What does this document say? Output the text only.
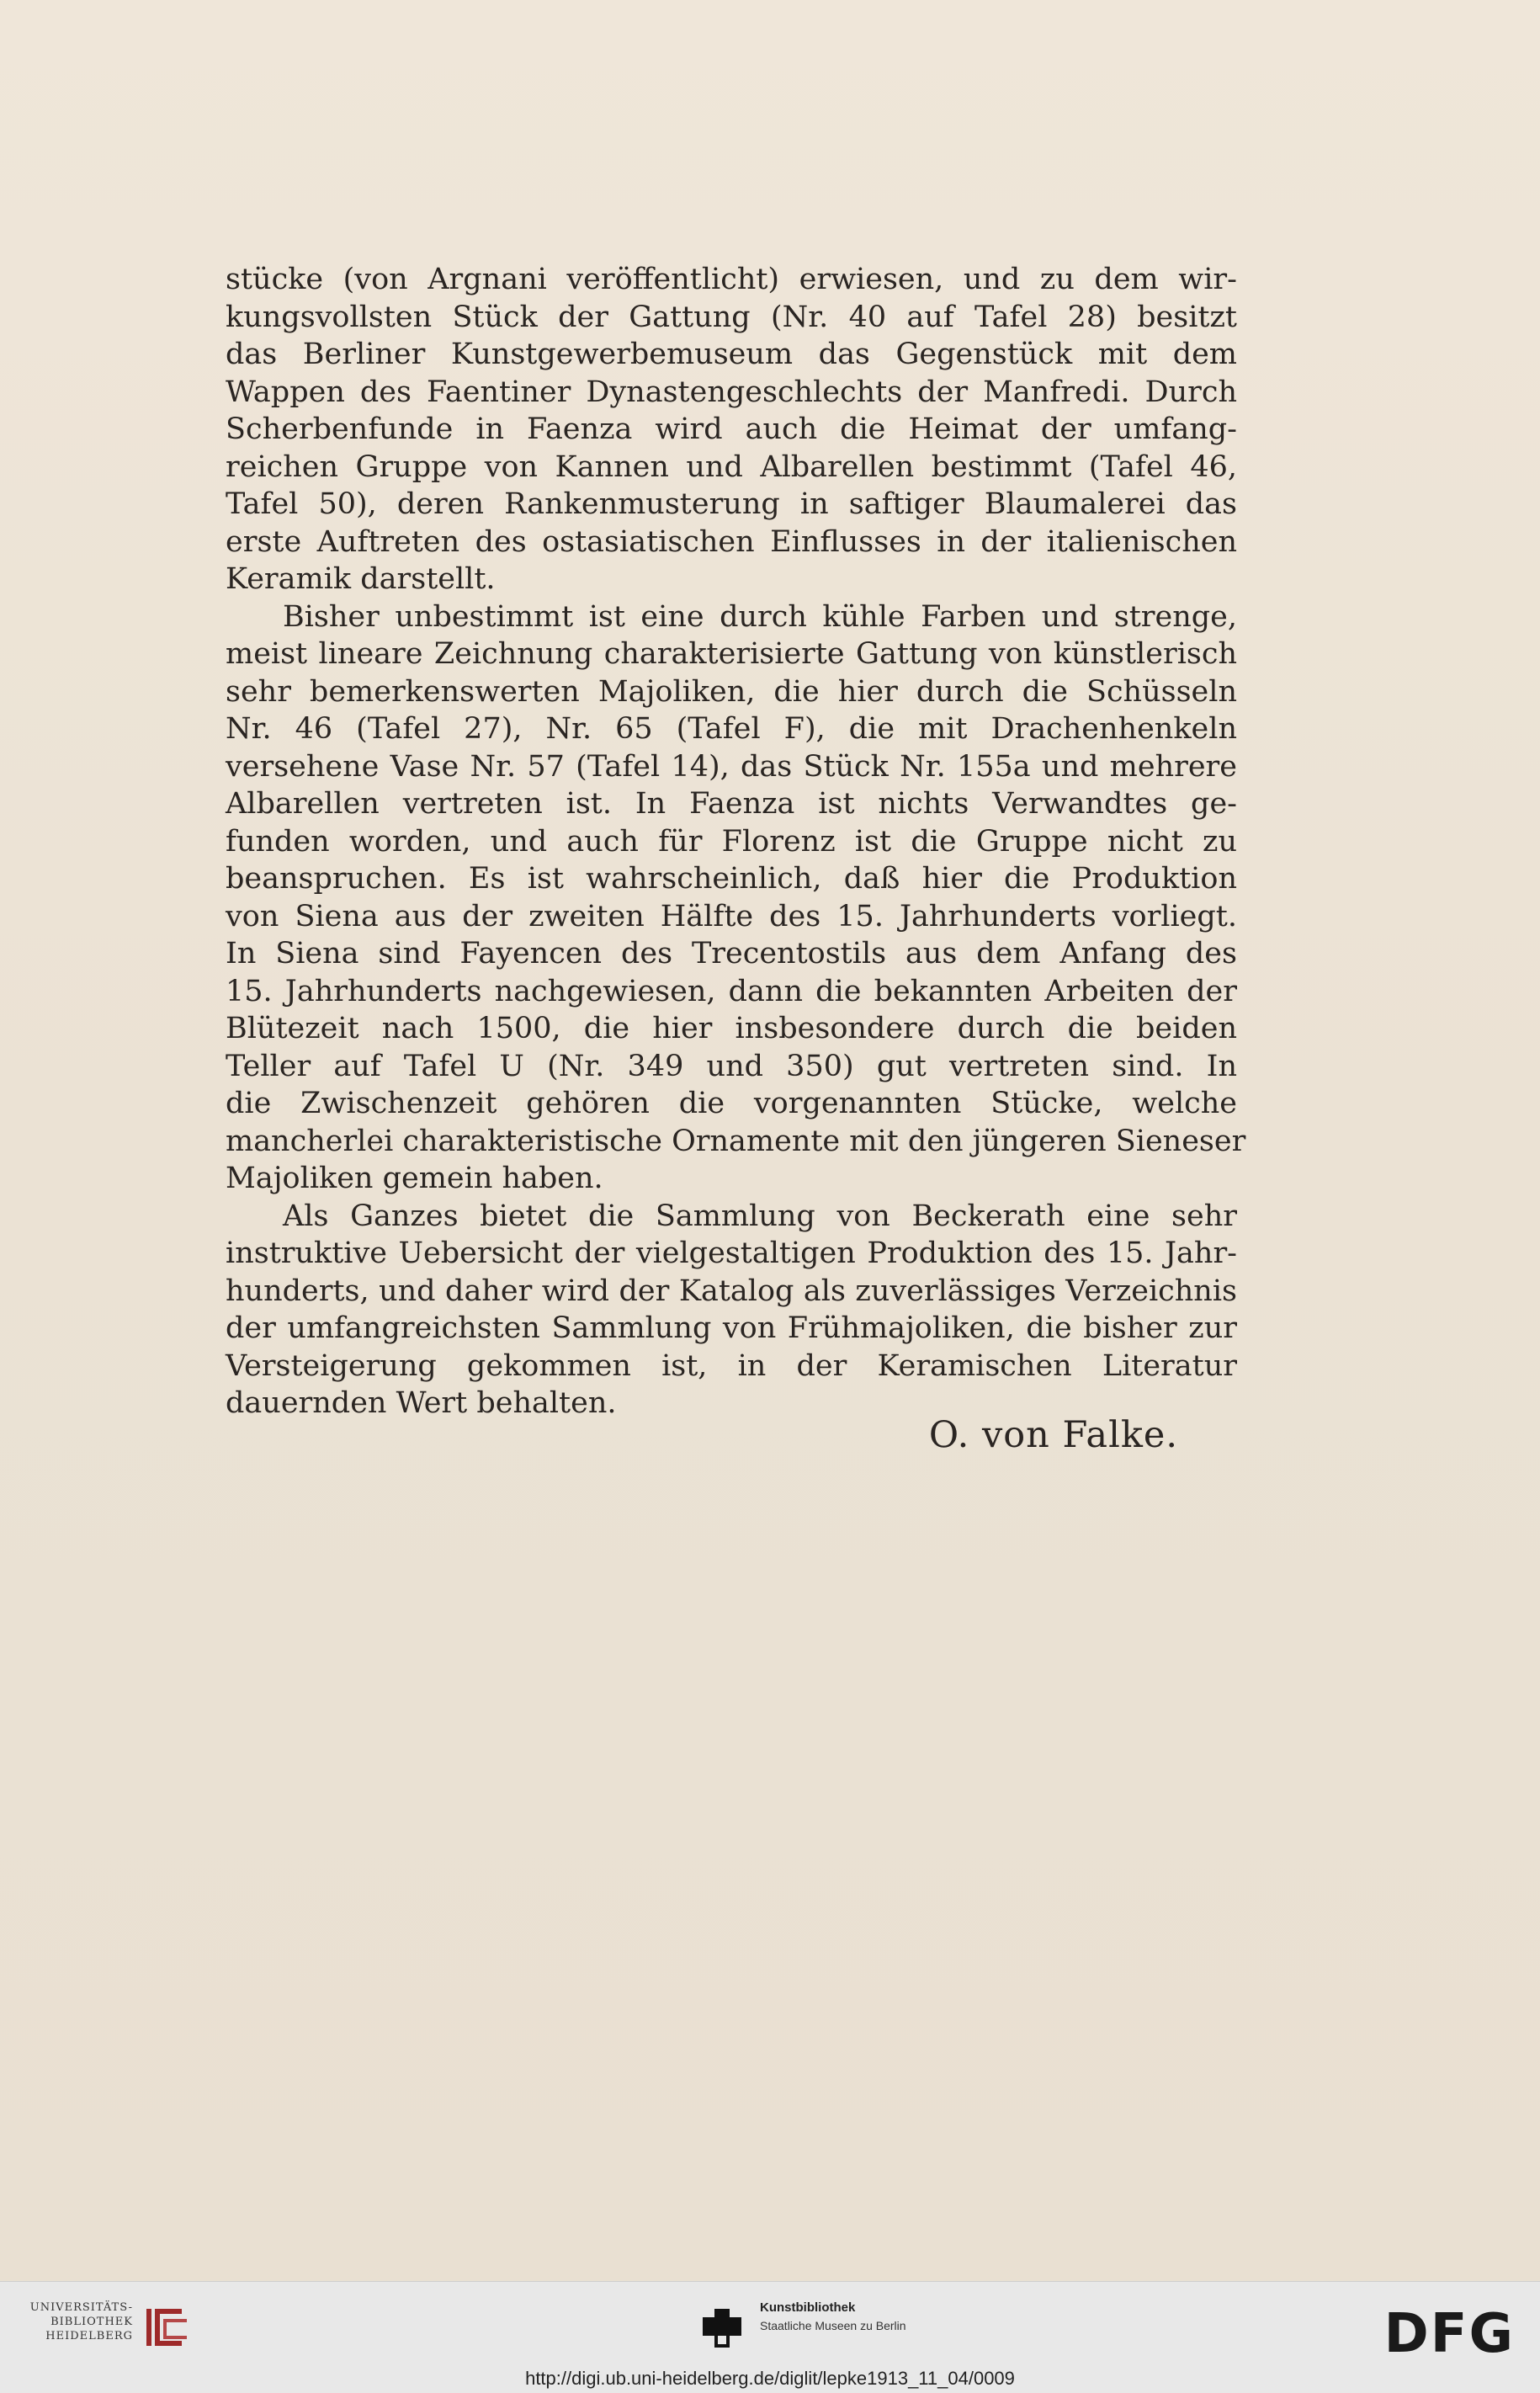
stücke (von Argnani veröffentlicht) erwiesen, und zu dem wir-
kungsvollsten Stück der Gattung (Nr. 40 auf Tafel 28) besitzt
das Berliner Kunstgewerbemuseum das Gegenstück mit dem
Wappen des Faentiner Dynastengeschlechts der Manfredi. Durch
Scherbenfunde in Faenza wird auch die Heimat der umfang-
reichen Gruppe von Kannen und Albarellen bestimmt (Tafel 46,
Tafel 50), deren Rankenmusterung in saftiger Blaumalerei das
erste Auftreten des ostasiatischen Einflusses in der italienischen
Keramik darstellt.
Bisher unbestimmt ist eine durch kühle Farben und strenge,
meist lineare Zeichnung charakterisierte Gattung von künstlerisch
sehr bemerkenswerten Majoliken, die hier durch die Schüsseln
Nr. 46 (Tafel 27), Nr. 65 (Tafel F), die mit Drachenhenkeln
versehene Vase Nr. 57 (Tafel 14), das Stück Nr. 155a und mehrere
Albarellen vertreten ist. In Faenza ist nichts Verwandtes ge-
funden worden, und auch für Florenz ist die Gruppe nicht zu
beanspruchen. Es ist wahrscheinlich, daß hier die Produktion
von Siena aus der zweiten Hälfte des 15. Jahrhunderts vorliegt.
In Siena sind Fayencen des Trecentostils aus dem Anfang des
15. Jahrhunderts nachgewiesen, dann die bekannten Arbeiten der
Blütezeit nach 1500, die hier insbesondere durch die beiden
Teller auf Tafel U (Nr. 349 und 350) gut vertreten sind. In
die Zwischenzeit gehören die vorgenannten Stücke, welche
mancherlei charakteristische Ornamente mit den jüngeren Sieneser
Majoliken gemein haben.
Als Ganzes bietet die Sammlung von Beckerath eine sehr
instruktive Uebersicht der vielgestaltigen Produktion des 15. Jahr-
hunderts, und daher wird der Katalog als zuverlässiges Verzeichnis
der umfangreichsten Sammlung von Frühmajoliken, die bisher zur
Versteigerung gekommen ist, in der Keramischen Literatur
dauernden Wert behalten.
O. von Falke.
UNIVERSITÄTS-
BIBLIOTHEK
HEIDELBERG
Kunstbibliothek
Staatliche Museen zu Berlin	DFG
http://digi.ub.uni-heidelberg.de/diglit/lepke1913_11_04/0009
